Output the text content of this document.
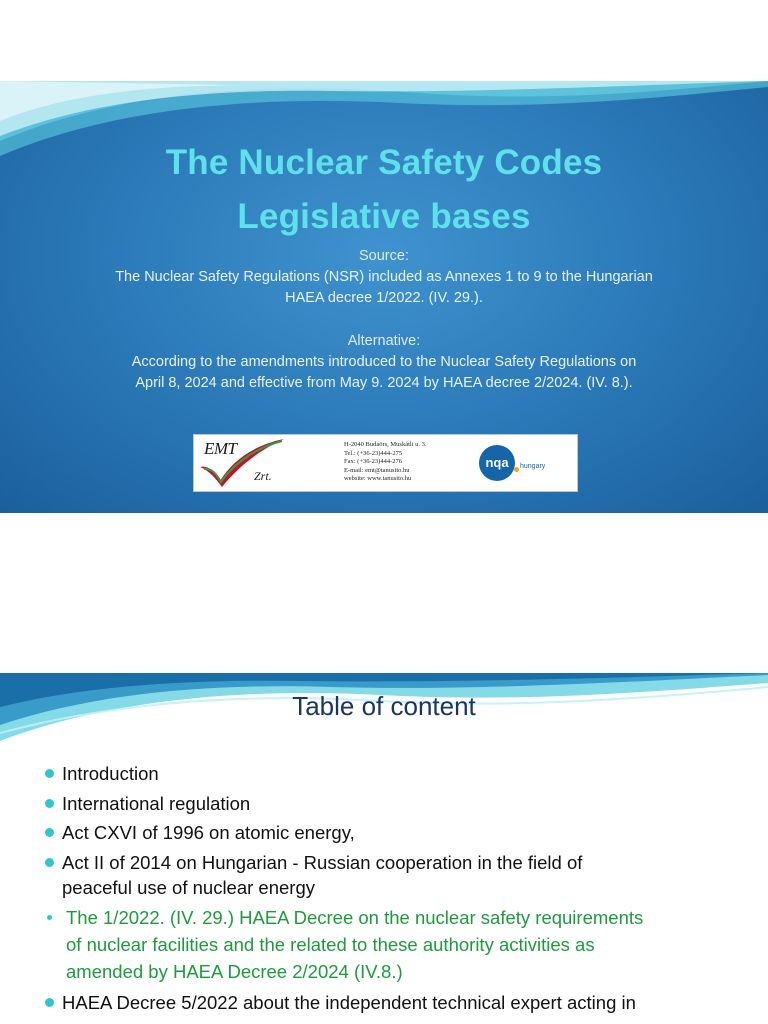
The Nuclear Safety Codes
Legislative bases
Source:
The Nuclear Safety Regulations (NSR) included as Annexes 1 to 9 to the Hungarian
HAEA decree 1/2022. (IV. 29.).
Alternative:
According to the amendments introduced to the Nuclear Safety Regulations on
April 8, 2024 and effective from May 9. 2024 by HAEA decree 2/2024. (IV. 8.).
EMT
Zrt.
H-2040 Budaörs, Muskátli u. 3.
Tel.: (+36-23)444-275
Fax: (+36-23)444-276
E-mail: emt@tanusito.hu
website: www.tanusito.hu
nqa	hungary
Table of content
Introduction
International regulation
Act CXVI of 1996 on atomic energy,
Act II of 2014 on Hungarian - Russian cooperation in the field of
peaceful use of nuclear energy
The 1/2022. (IV. 29.) HAEA Decree on the nuclear safety requirements
of nuclear facilities and the related to these authority activities as
amended by HAEA Decree 2/2024 (IV.8.)
HAEA Decree 5/2022 about the independent technical expert acting in
